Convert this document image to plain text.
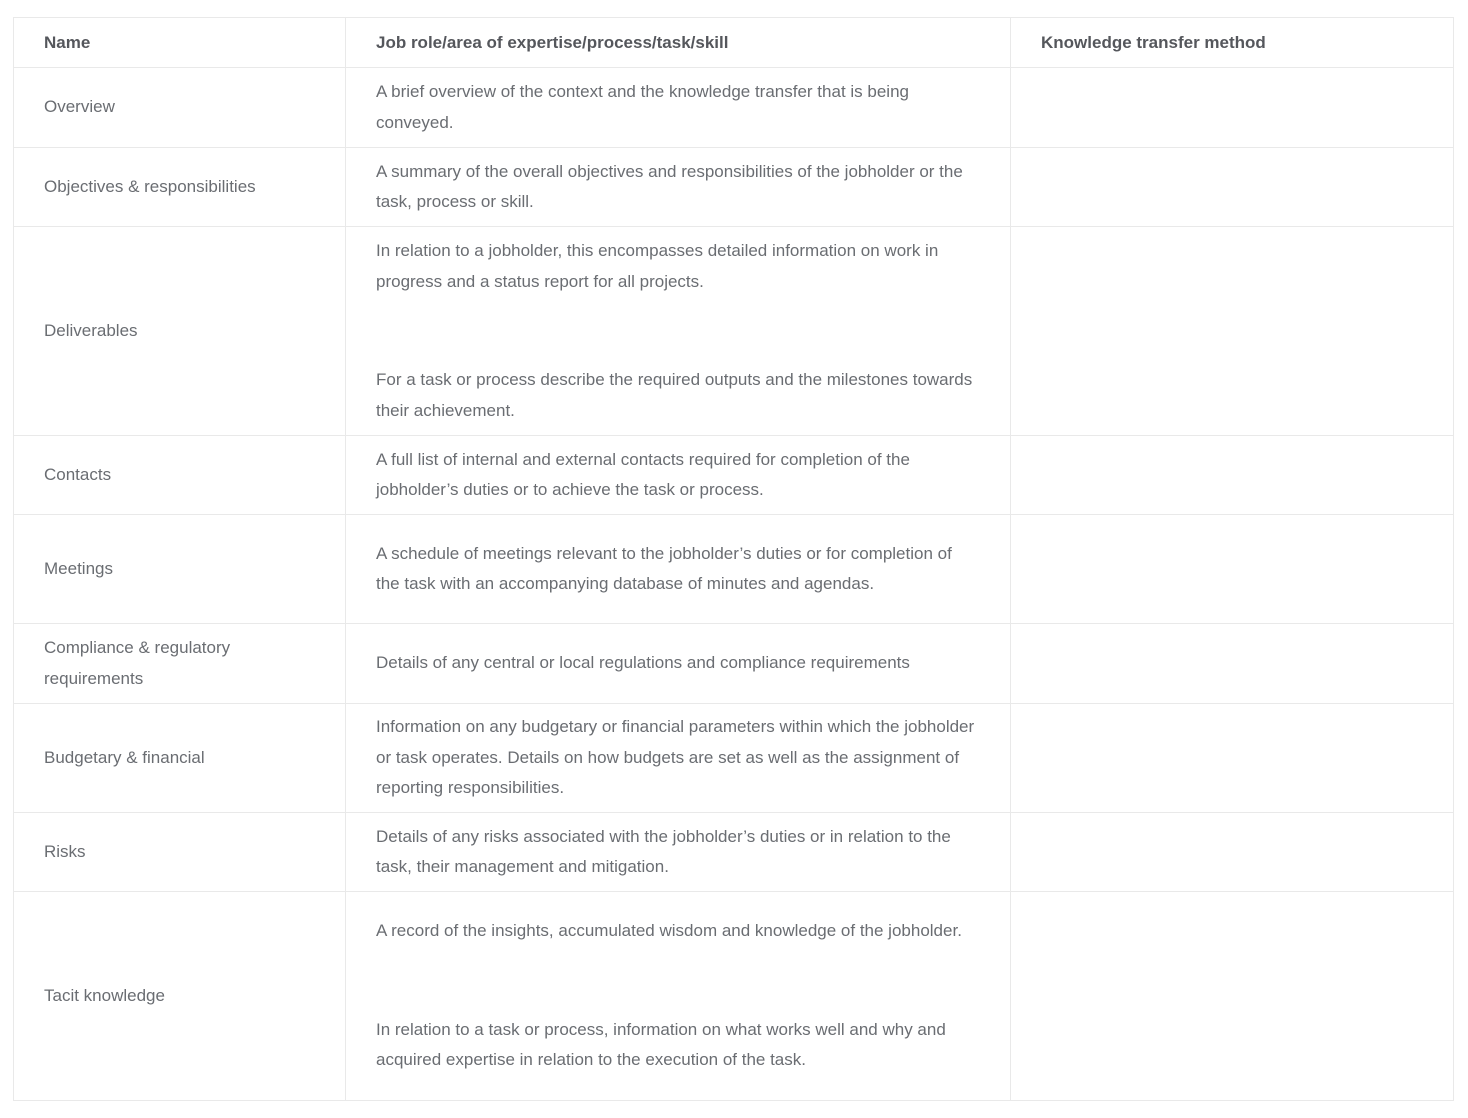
Name	Job role/area of expertise/process/task/skill	Knowledge transfer method
Overview	A brief overview of the context and the knowledge transfer that is being conveyed.	

Objectives & responsibilities	A summary of the overall objectives and responsibilities of the jobholder or the task, process or skill.	

Deliverables	In relation to a jobholder, this encompasses detailed information on work in progress and a status report for all projects.

For a task or process describe the required outputs and the milestones towards their achievement.	

Contacts	A full list of internal and external contacts required for completion of the jobholder’s duties or to achieve the task or process.	

Meetings	A schedule of meetings relevant to the jobholder’s duties or for completion of the task with an accompanying database of minutes and agendas.	

Compliance & regulatory requirements	Details of any central or local regulations and compliance requirements	

Budgetary & financial	Information on any budgetary or financial parameters within which the jobholder or task operates. Details on how budgets are set as well as the assignment of reporting responsibilities.	

Risks	Details of any risks associated with the jobholder’s duties or in relation to the task, their management and mitigation.	

Tacit knowledge	A record of the insights, accumulated wisdom and knowledge of the jobholder.

In relation to a task or process, information on what works well and why and acquired expertise in relation to the execution of the task.	
